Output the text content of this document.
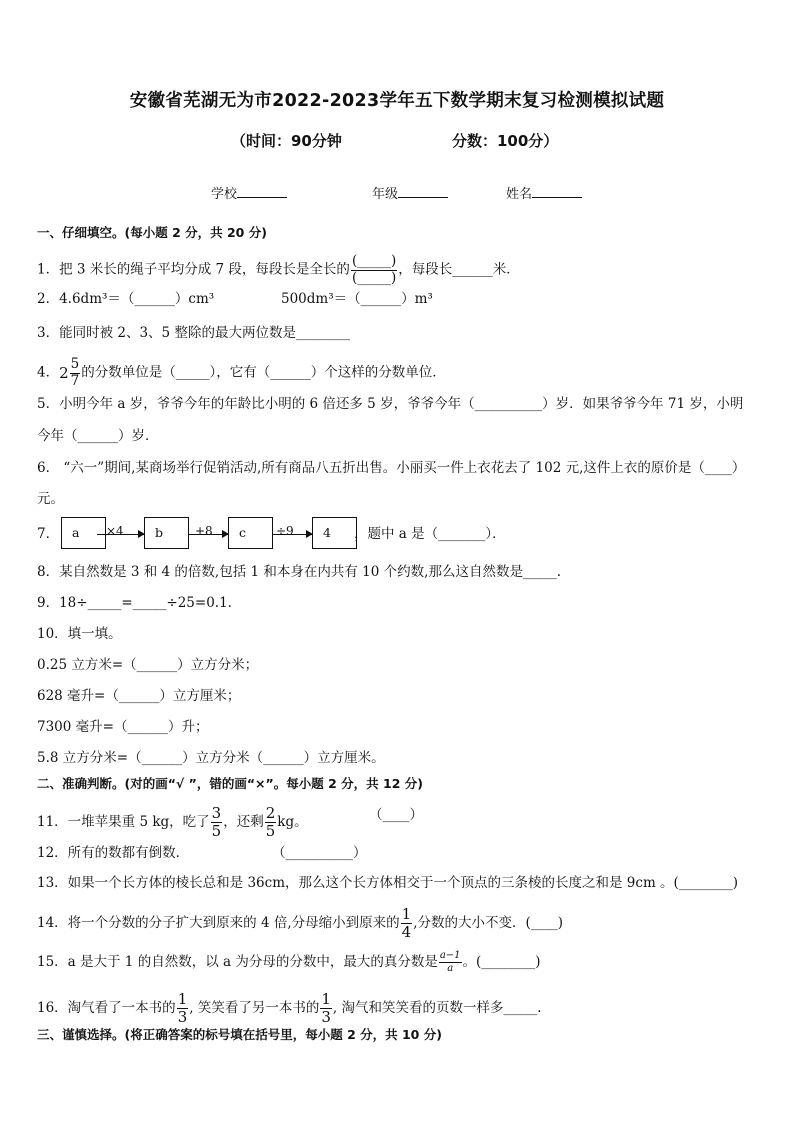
安徽省芜湖无为市2022-2023学年五下数学期末复习检测模拟试题
（时间：90分钟	分数：100分）
学校	年级	姓名
一、仔细填空。(每小题 2 分，共 20 分)
1．把 3 米长的绳子平均分成 7 段，每段长是全长的 $\frac{(\_\_\_\_\_)}{(\_\_\_\_\_)}$ ，每段长______米．
2．4.6dm³＝（______）cm³	500dm³＝（______）m³
3．能同时被 2、3、5 整除的最大两位数是________
4．$2 \frac{5}{7}$ 的分数单位是（_____），它有（______）个这样的分数单位．
5．小明今年 a 岁，爷爷今年的年龄比小明的 6 倍还多 5 岁，爷爷今年（__________）岁．如果爷爷今年 71 岁，小明
今年（______）岁．
6． “六一”期间,某商场举行促销活动,所有商品八五折出售。小丽买一件上衣花去了 102 元,这件上衣的原价是（____）
元。
7．	a	×4	b	+8	c	÷9	4	，题中 a 是（_______）．
8．某自然数是 3 和 4 的倍数,包括 1 和本身在内共有 10 个约数,那么这自然数是_____.
9．18÷_____=_____÷25=0.1.
10．填一填。
0.25 立方米=（______）立方分米；
628 毫升=（______）立方厘米；
7300 毫升=（______）升；
5.8 立方分米=（______）立方分米（______）立方厘米。
二、准确判断。(对的画“√ ”，错的画“×”。每小题 2 分，共 12 分)
11．一堆苹果重 5 kg，吃了 $\frac{3}{5}$ ，还剩 $\frac{2}{5}$ kg。	（____）
12．所有的数都有倒数．	（__________）
13．如果一个长方体的棱长总和是 36cm，那么这个长方体相交于一个顶点的三条棱的长度之和是 9cm 。(________)
14．将一个分数的分子扩大到原来的 4 倍,分母缩小到原来的 $\frac{1}{4}$ ,分数的大小不变．(____)
15．a 是大于 1 的自然数，以 a 为分母的分数中，最大的真分数是 $\frac{a-1}{a}$ 。(________)
16．淘气看了一本书的 $\frac{1}{3}$ , 笑笑看了另一本书的 $\frac{1}{3}$ , 淘气和笑笑看的页数一样多_____.
三、谨慎选择。(将正确答案的标号填在括号里，每小题 2 分，共 10 分)
